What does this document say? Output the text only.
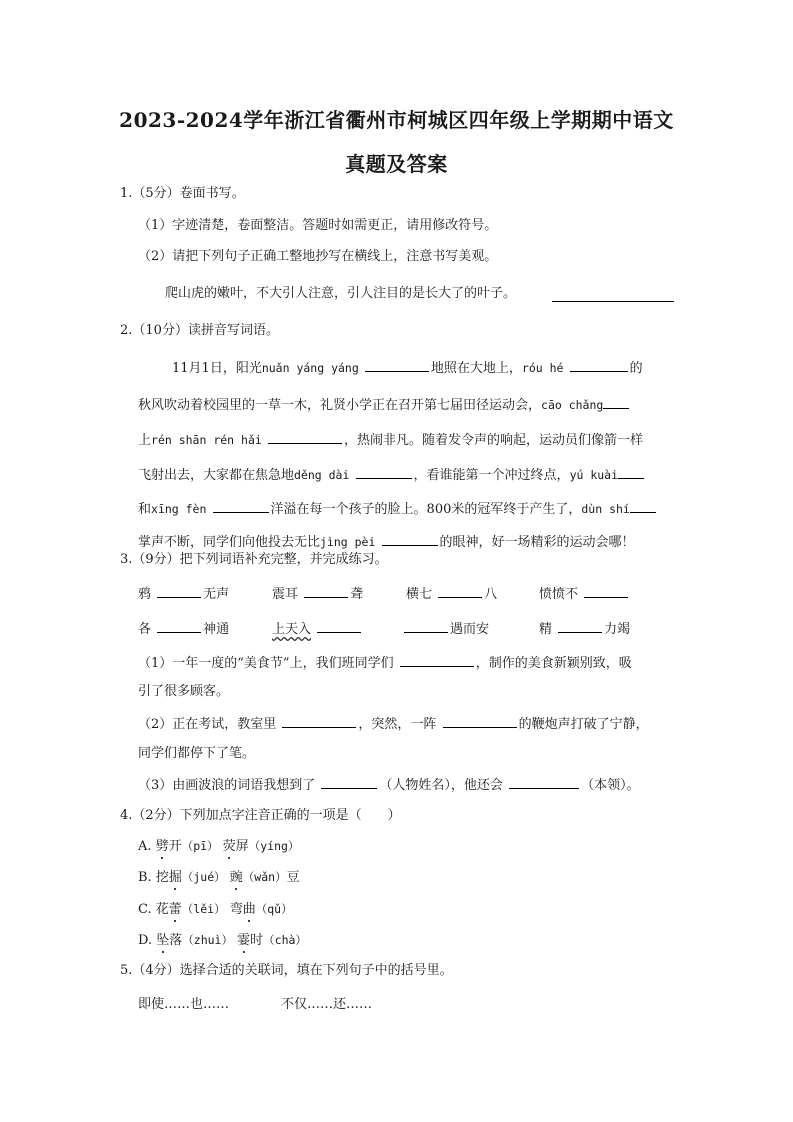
2023-2024学年浙江省衢州市柯城区四年级上学期期中语文
真题及答案
1.（5分）卷面书写。
（1）字迹清楚，卷面整洁。答题时如需更正，请用修改符号。
（2）请把下列句子正确工整地抄写在横线上，注意书写美观。
爬山虎的嫩叶，不大引人注意，引人注目的是长大了的叶子。
2.（10分）读拼音写词语。
11月1日，阳光nuǎn yáng yáng	地照在大地上，róu hé	的
秋风吹动着校园里的一草一木，礼贤小学正在召开第七届田径运动会，cāo chǎng
上rén shān rén hǎi	，热闹非凡。随着发令声的响起，运动员们像箭一样
飞射出去，大家都在焦急地děng dài	，看谁能第一个冲过终点，yú kuài
和xīng fèn	洋溢在每一个孩子的脸上。800米的冠军终于产生了，dùn shí
掌声不断，同学们向他投去无比jìng pèi	的眼神，好一场精彩的运动会哪！
3.（9分）把下列词语补充完整，并完成练习。
鸦	无声	震耳	聋	横七	八	愤愤不
各	神通	上天入	遇而安	精	力竭
（1）一年一度的“美食节”上，我们班同学们	，制作的美食新颖别致，吸
引了很多顾客。
（2）正在考试，教室里	，突然，一阵	的鞭炮声打破了宁静，
同学们都停下了笔。
（3）由画波浪的词语我想到了	（人物姓名），他还会	（本领）。
4.（2分）下列加点字注音正确的一项是（　　）
A. 劈开（pī） 荧屏（yíng）
B. 挖掘（jué） 豌（wǎn）豆
C. 花蕾（lěi） 弯曲（qǔ）
D. 坠落（zhuì） 霎时（chà）
5.（4分）选择合适的关联词，填在下列句子中的括号里。
即使……也……	不仅……还……
